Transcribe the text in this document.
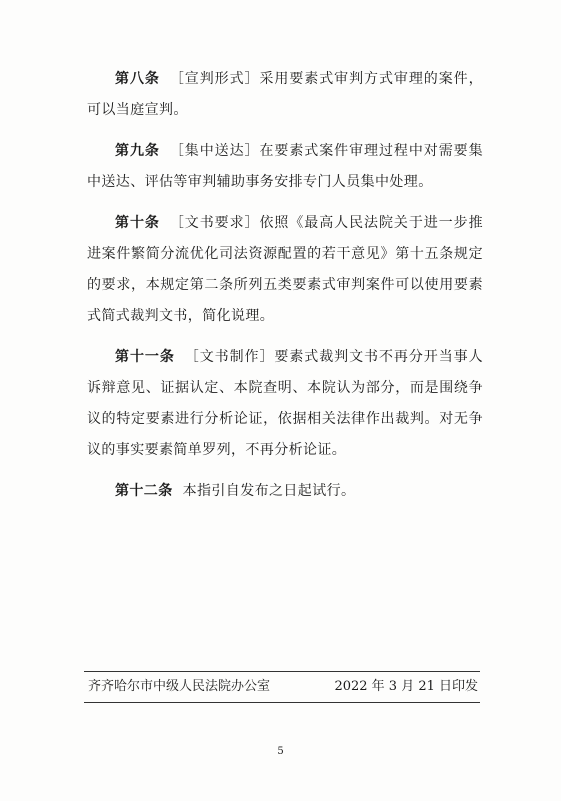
第八条 ［宣判形式］采用要素式审判方式审理的案件，可以当庭宣判。

第九条 ［集中送达］在要素式案件审理过程中对需要集中送达、评估等审判辅助事务安排专门人员集中处理。

第十条 ［文书要求］依照《最高人民法院关于进一步推进案件繁简分流优化司法资源配置的若干意见》第十五条规定的要求，本规定第二条所列五类要素式审判案件可以使用要素式简式裁判文书，简化说理。

第十一条 ［文书制作］要素式裁判文书不再分开当事人诉辩意见、证据认定、本院查明、本院认为部分，而是围绕争议的特定要素进行分析论证，依据相关法律作出裁判。对无争议的事实要素简单罗列，不再分析论证。

第十二条 本指引自发布之日起试行。

齐齐哈尔市中级人民法院办公室	2022 年 3 月 21 日印发
5
